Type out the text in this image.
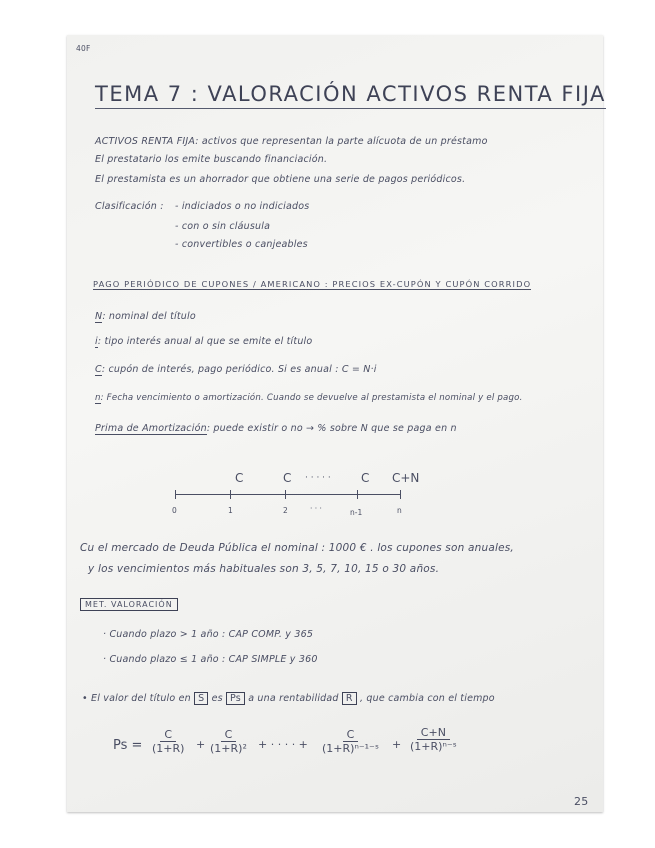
40F
TEMA 7 : VALORACIÓN ACTIVOS RENTA FIJA
ACTIVOS RENTA FIJA: activos que representan la parte alícuota de un préstamo
El prestatario los emite buscando financiación.
El prestamista es un ahorrador que obtiene una serie de pagos periódicos.
Clasificación : - indiciados o no indiciados
- con o sin cláusula
- convertibles o canjeables
PAGO PERIÓDICO DE CUPONES / AMERICANO : PRECIOS EX-CUPÓN Y CUPÓN CORRIDO
N: nominal del título
i: tipo interés anual al que se emite el título
C: cupón de interés, pago periódico. Si es anual : C = N·i
n: Fecha vencimiento o amortización. Cuando se devuelve al prestamista el nominal y el pago.
Prima de Amortización: puede existir o no → % sobre N que se paga en n
C	C · · · · ·	C C+N
0	1	2	· · ·	n-1	n
Cu el mercado de Deuda Pública el nominal : 1000 € . los cupones son anuales,
y los vencimientos más habituales son 3, 5, 7, 10, 15 o 30 años.
MET. VALORACIÓN
· Cuando plazo > 1 año : CAP COMP. y 365
· Cuando plazo ≤ 1 año : CAP SIMPLE y 360
• El valor del título en S es Ps a una rentabilidad R , que cambia con el tiempo
$Ps = \frac{C}{(1+R)} + \frac{C}{\text{(1+R)²}}$ + · · · · + $\frac{C}{\text{(1+R)ⁿ⁻¹⁻ˢ}} + \frac{C+N}{\text{(1+R)ⁿ⁻ˢ}}$
25
